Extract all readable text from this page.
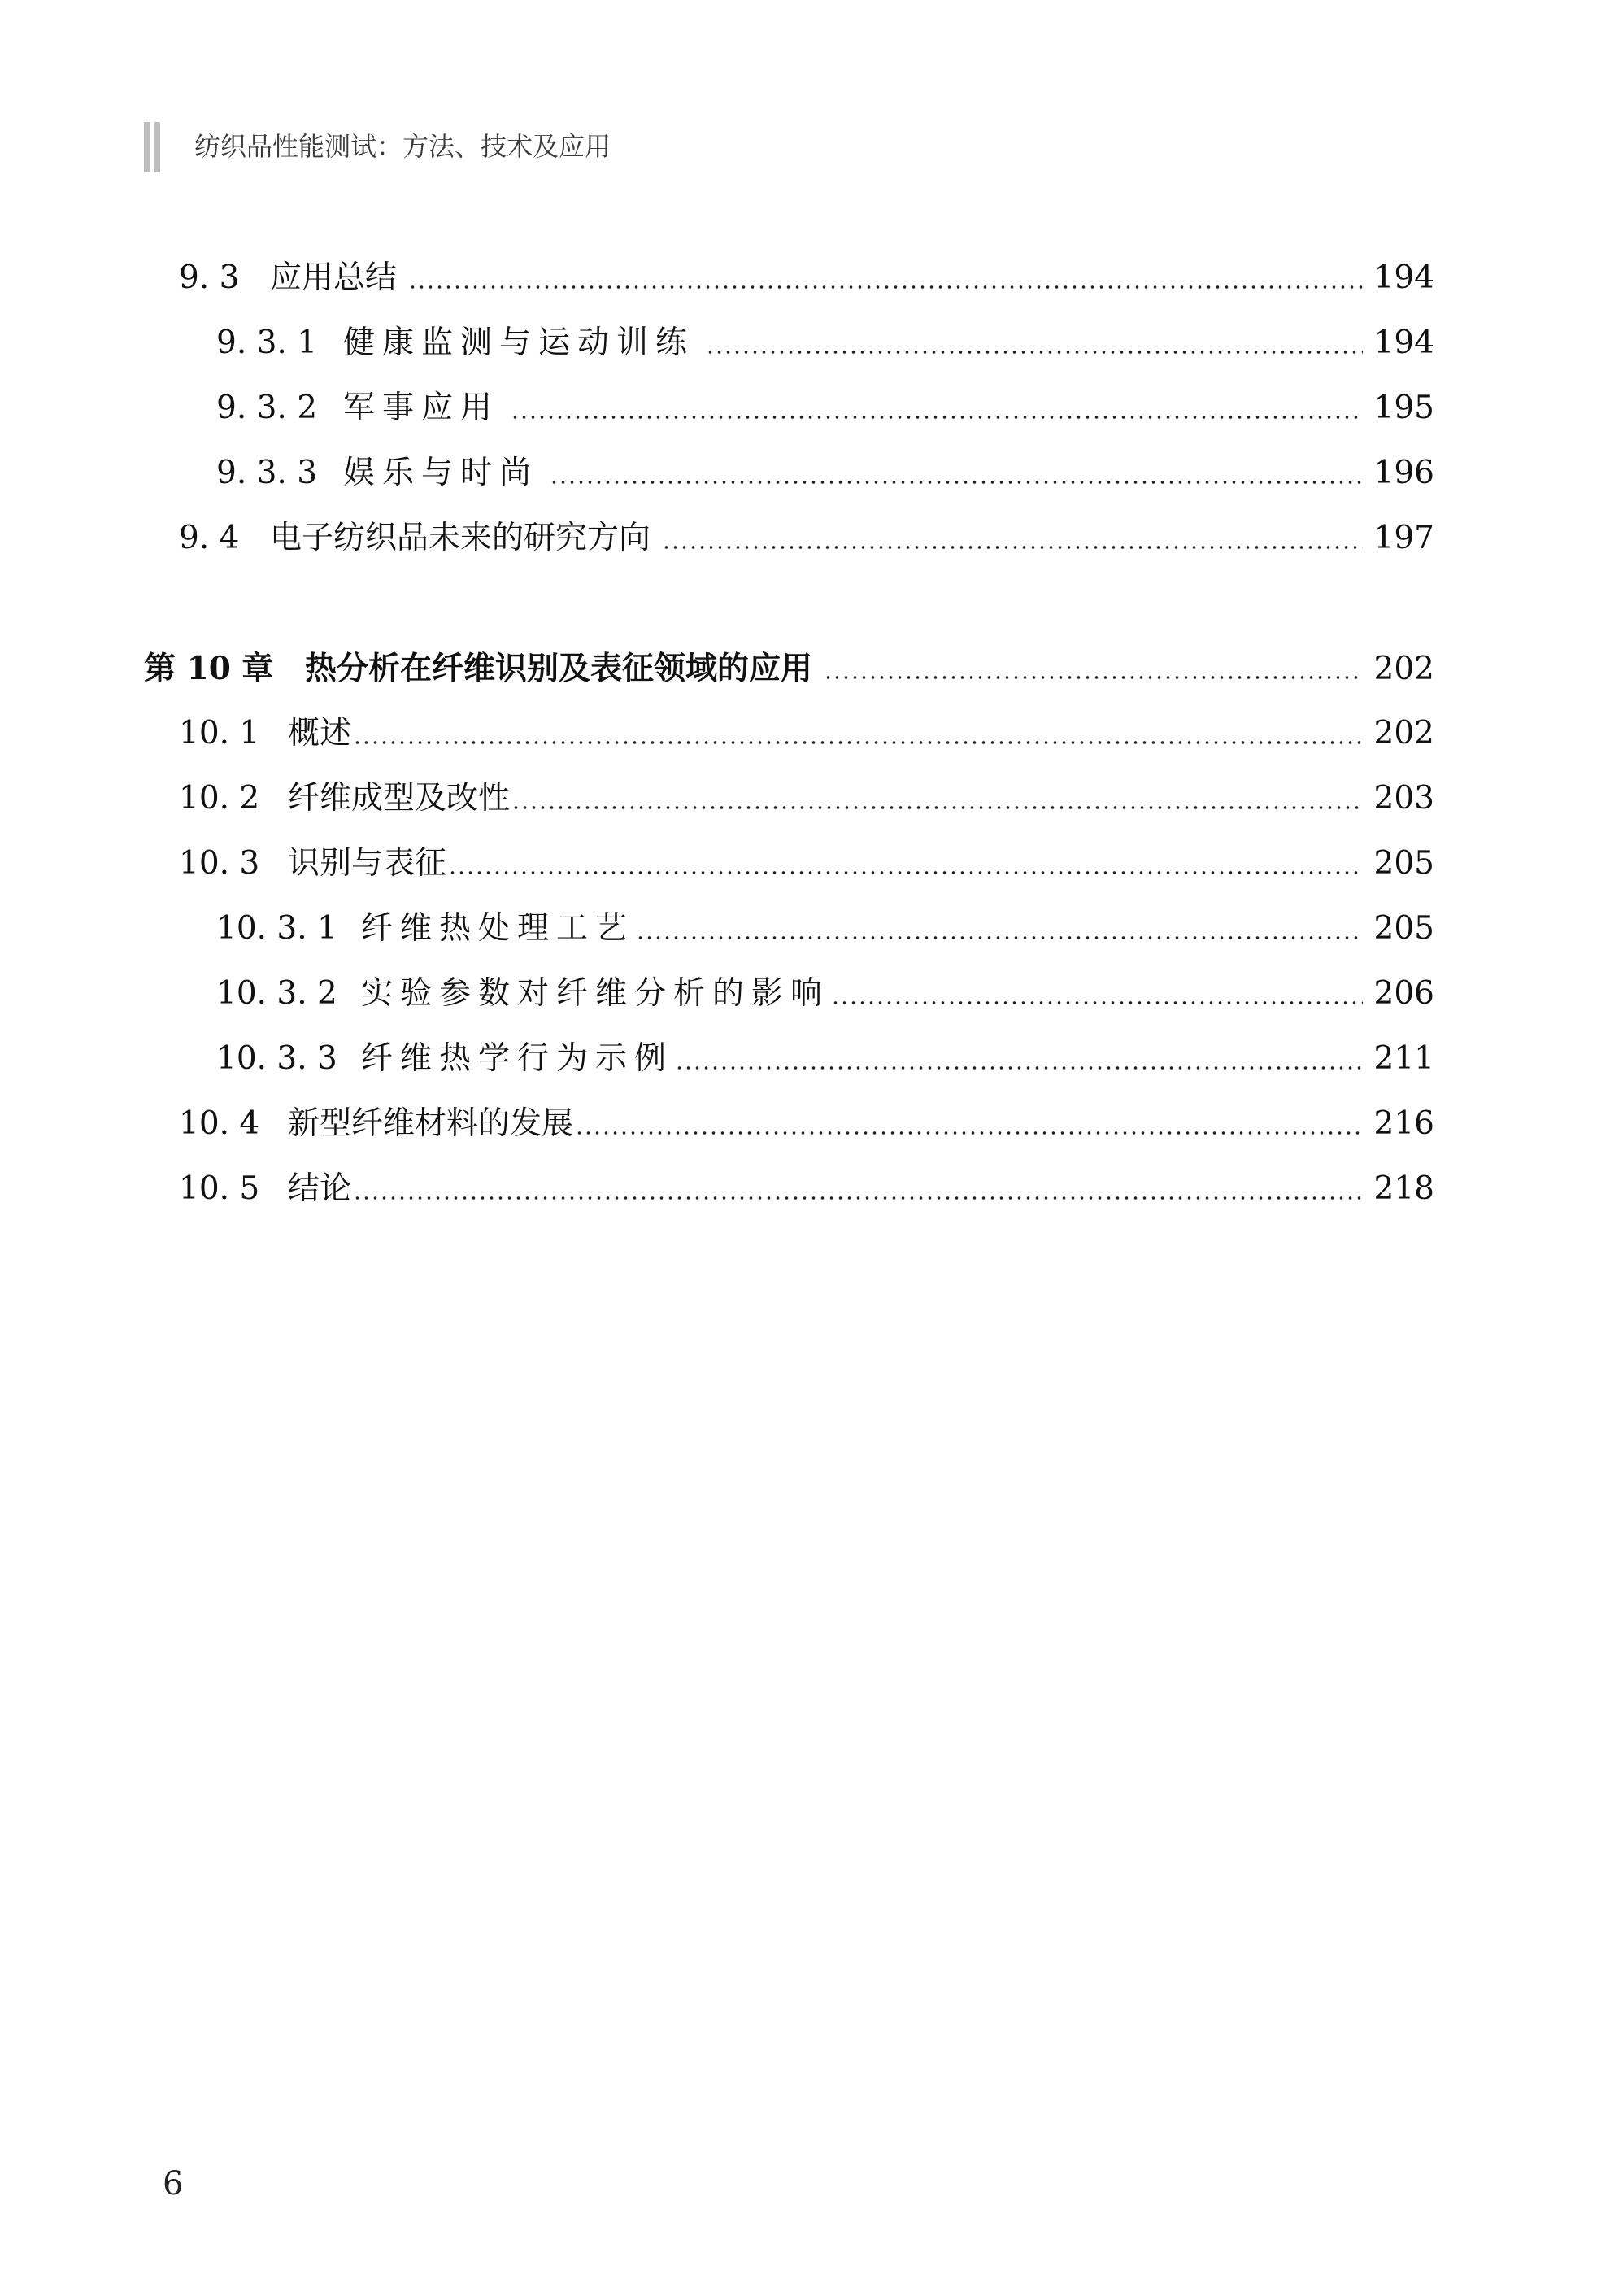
纺织品性能测试：方法、技术及应用
9. 3 应用总结	194
9. 3. 1 健康监测与运动训练	194
9. 3. 2 军事应用	195
9. 3. 3 娱乐与时尚	196
9. 4 电子纺织品未来的研究方向	197
第 10 章 热分析在纤维识别及表征领域的应用	202
10. 1 概述	202
10. 2 纤维成型及改性	203
10. 3 识别与表征	205
10. 3. 1 纤维热处理工艺	205
10. 3. 2 实验参数对纤维分析的影响	206
10. 3. 3 纤维热学行为示例	211
10. 4 新型纤维材料的发展	216
10. 5 结论	218
6
